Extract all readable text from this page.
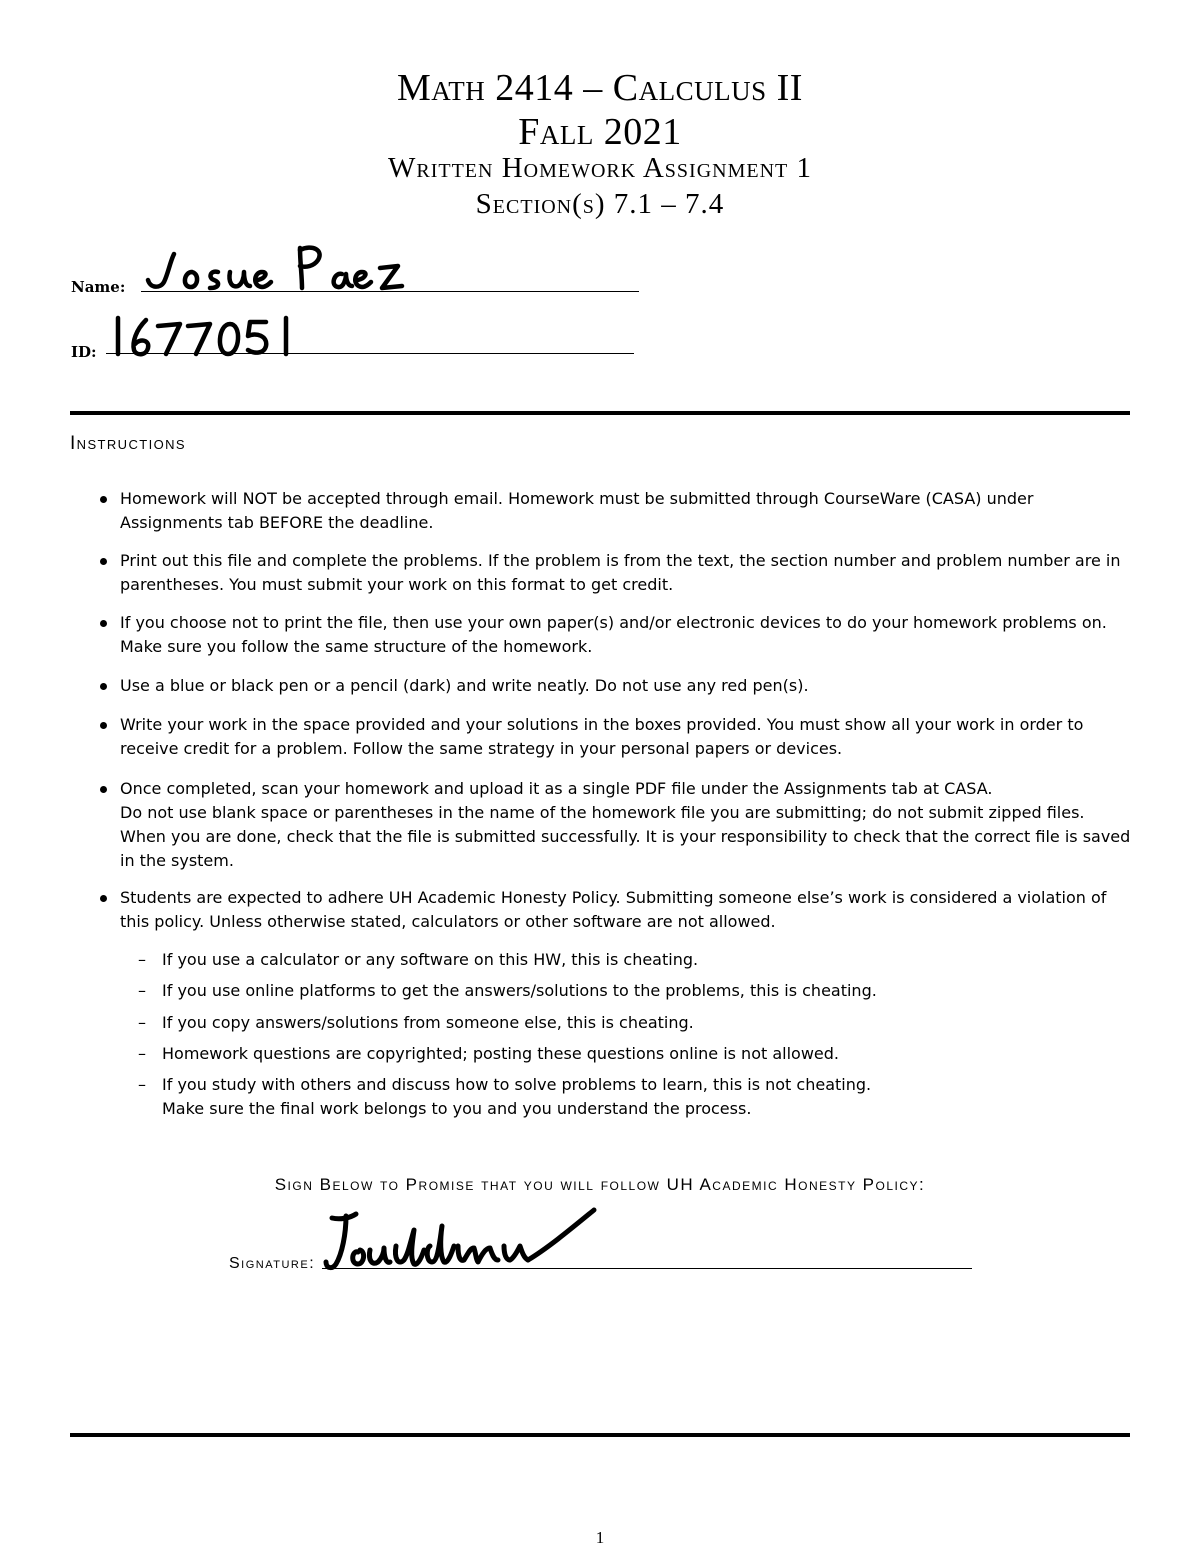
Math 2414 – Calculus II
Fall 2021
Written Homework Assignment 1
Section(s) 7.1 – 7.4
Name:
ID:
Instructions
Homework will NOT be accepted through email. Homework must be submitted through CourseWare (CASA) under Assignments tab BEFORE the deadline.
Print out this file and complete the problems. If the problem is from the text, the section number and problem number are in parentheses. You must submit your work on this format to get credit.
If you choose not to print the file, then use your own paper(s) and/or electronic devices to do your homework problems on. Make sure you follow the same structure of the homework.
Use a blue or black pen or a pencil (dark) and write neatly. Do not use any red pen(s).
Write your work in the space provided and your solutions in the boxes provided. You must show all your work in order to receive credit for a problem. Follow the same strategy in your personal papers or devices.
Once completed, scan your homework and upload it as a single PDF file under the Assignments tab at CASA.
Do not use blank space or parentheses in the name of the homework file you are submitting; do not submit zipped files. When you are done, check that the file is submitted successfully. It is your responsibility to check that the correct file is saved in the system.
Students are expected to adhere UH Academic Honesty Policy. Submitting someone else’s work is considered a violation of this policy. Unless otherwise stated, calculators or other software are not allowed.
– If you use a calculator or any software on this HW, this is cheating.
– If you use online platforms to get the answers/solutions to the problems, this is cheating.
– If you copy answers/solutions from someone else, this is cheating.
– Homework questions are copyrighted; posting these questions online is not allowed.
– If you study with others and discuss how to solve problems to learn, this is not cheating.
Make sure the final work belongs to you and you understand the process.
Sign Below to Promise that you will follow UH Academic Honesty Policy:
Signature:
1
